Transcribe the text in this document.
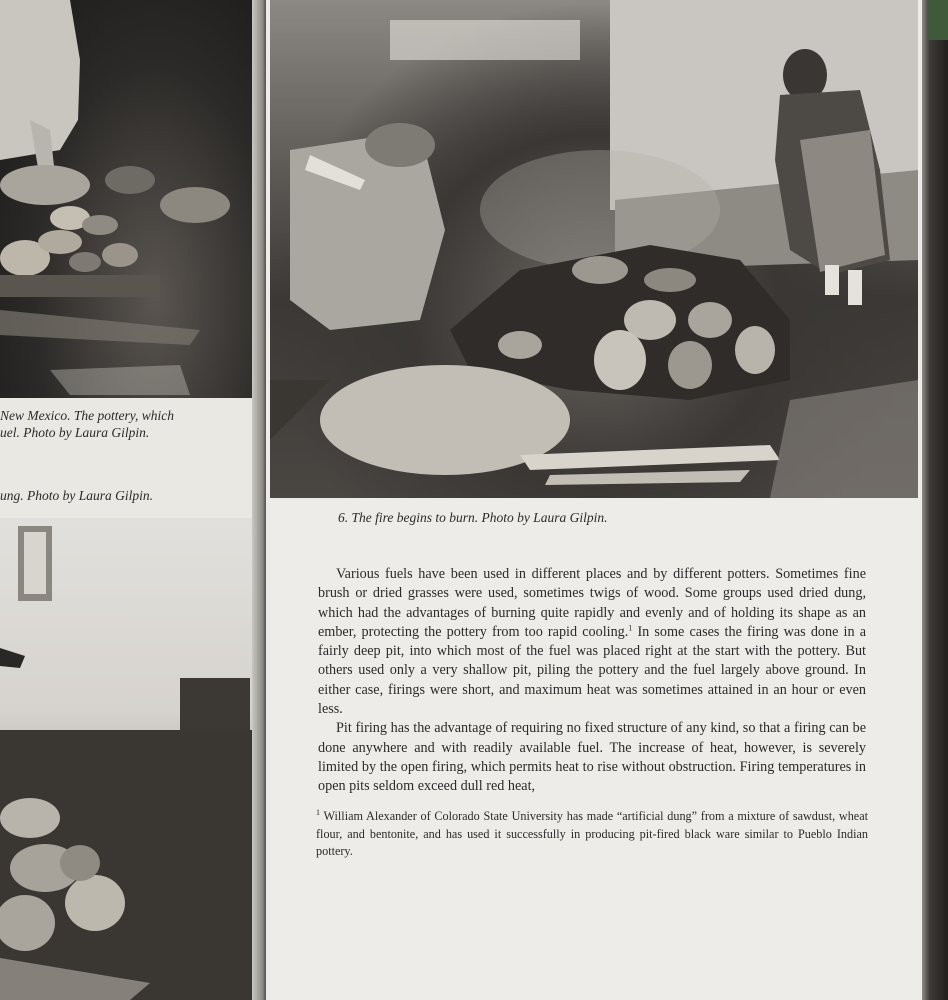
New Mexico. The pottery, which
uel. Photo by Laura Gilpin.
ung. Photo by Laura Gilpin.
6. The fire begins to burn. Photo by Laura Gilpin.

Various fuels have been used in different places and by different potters. Sometimes fine brush or dried grasses were used, sometimes twigs of wood. Some groups used dried dung, which had the advantages of burning quite rapidly and evenly and of holding its shape as an ember, protecting the pottery from too rapid cooling.$^1$ In some cases the firing was done in a fairly deep pit, into which most of the fuel was placed right at the start with the pottery. But others used only a very shallow pit, piling the pottery and the fuel largely above ground. In either case, firings were short, and maximum heat was sometimes attained in an hour or even less.

Pit firing has the advantage of requiring no fixed structure of any kind, so that a firing can be done anywhere and with readily available fuel. The increase of heat, however, is severely limited by the open firing, which permits heat to rise without obstruction. Firing temperatures in open pits seldom exceed dull red heat,

$^1$ William Alexander of Colorado State University has made “artificial dung” from a mixture of sawdust, wheat flour, and bentonite, and has used it successfully in producing pit-fired black ware similar to Pueblo Indian pottery.
